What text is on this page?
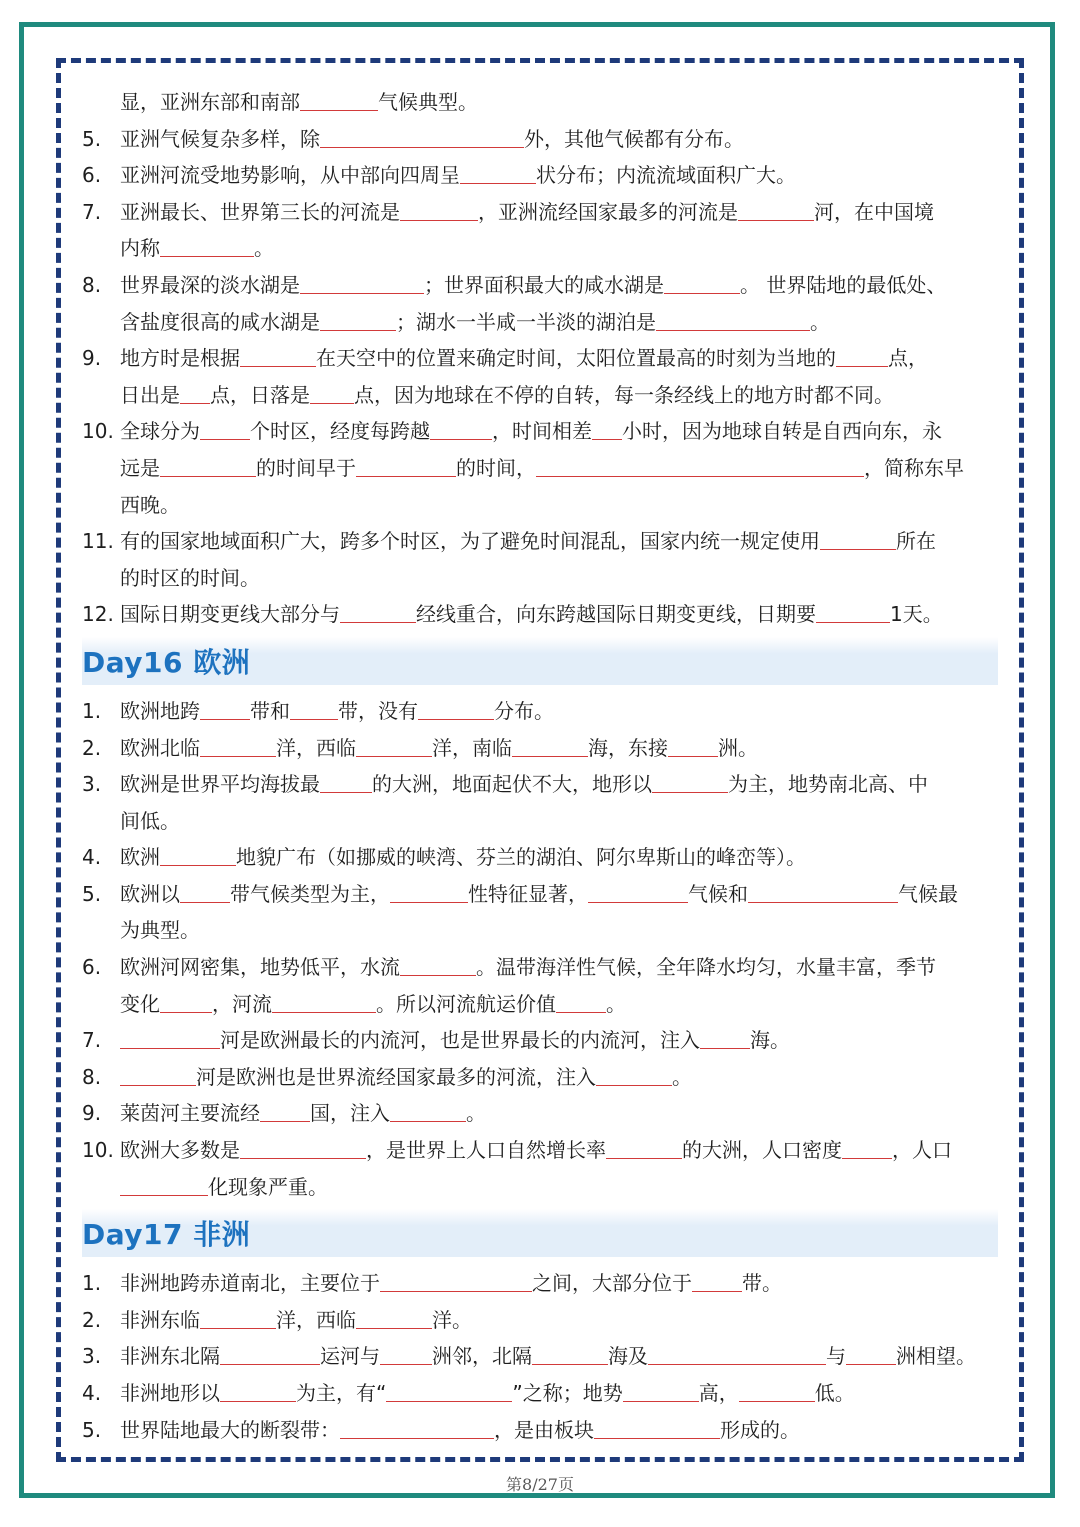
显，亚洲东部和南部	气候典型。
5. 亚洲气候复杂多样，除	外，其他气候都有分布。
6. 亚洲河流受地势影响，从中部向四周呈	状分布；内流流域面积广大。
7. 亚洲最长、世界第三长的河流是	，亚洲流经国家最多的河流是	河，在中国境
内称	。
8. 世界最深的淡水湖是	；世界面积最大的咸水湖是	。 世界陆地的最低处、
含盐度很高的咸水湖是	；湖水一半咸一半淡的湖泊是	。
9. 地方时是根据	在天空中的位置来确定时间，太阳位置最高的时刻为当地的	点，
日出是 点，日落是 点，因为地球在不停的自转，每一条经线上的地方时都不同。
10. 全球分为	个时区，经度每跨越	，时间相差 小时，因为地球自转是自西向东，永
远是	的时间早于	的时间，	，简称东早
西晚。
11. 有的国家地域面积广大，跨多个时区，为了避免时间混乱，国家内统一规定使用	所在
的时区的时间。
12. 国际日期变更线大部分与	经线重合，向东跨越国际日期变更线，日期要	1天。
Day16 欧洲
1. 欧洲地跨	带和 带，没有	分布。
2. 欧洲北临	洋，西临	洋，南临	海，东接	洲。
3. 欧洲是世界平均海拔最	的大洲，地面起伏不大，地形以	为主，地势南北高、中
间低。
4. 欧洲	地貌广布（如挪威的峡湾、芬兰的湖泊、阿尔卑斯山的峰峦等）。
5. 欧洲以	带气候类型为主，	性特征显著，	气候和	气候最
为典型。
6. 欧洲河网密集，地势低平，水流	。温带海洋性气候，全年降水均匀，水量丰富，季节
变化	，河流	。所以河流航运价值	。
7.	河是欧洲最长的内流河，也是世界最长的内流河，注入	海。
8.	河是欧洲也是世界流经国家最多的河流，注入	。
9. 莱茵河主要流经	国，注入	。
10. 欧洲大多数是	，是世界上人口自然增长率	的大洲，人口密度	，人口
化现象严重。
Day17 非洲
1. 非洲地跨赤道南北，主要位于	之间，大部分位于	带。
2. 非洲东临	洋，西临	洋。
3. 非洲东北隔	运河与	洲邻，北隔	海及	与	洲相望。
4. 非洲地形以	为主，有“	”之称；地势	高，	低。
5. 世界陆地最大的断裂带：	，是由板块	形成的。
第8/27页
